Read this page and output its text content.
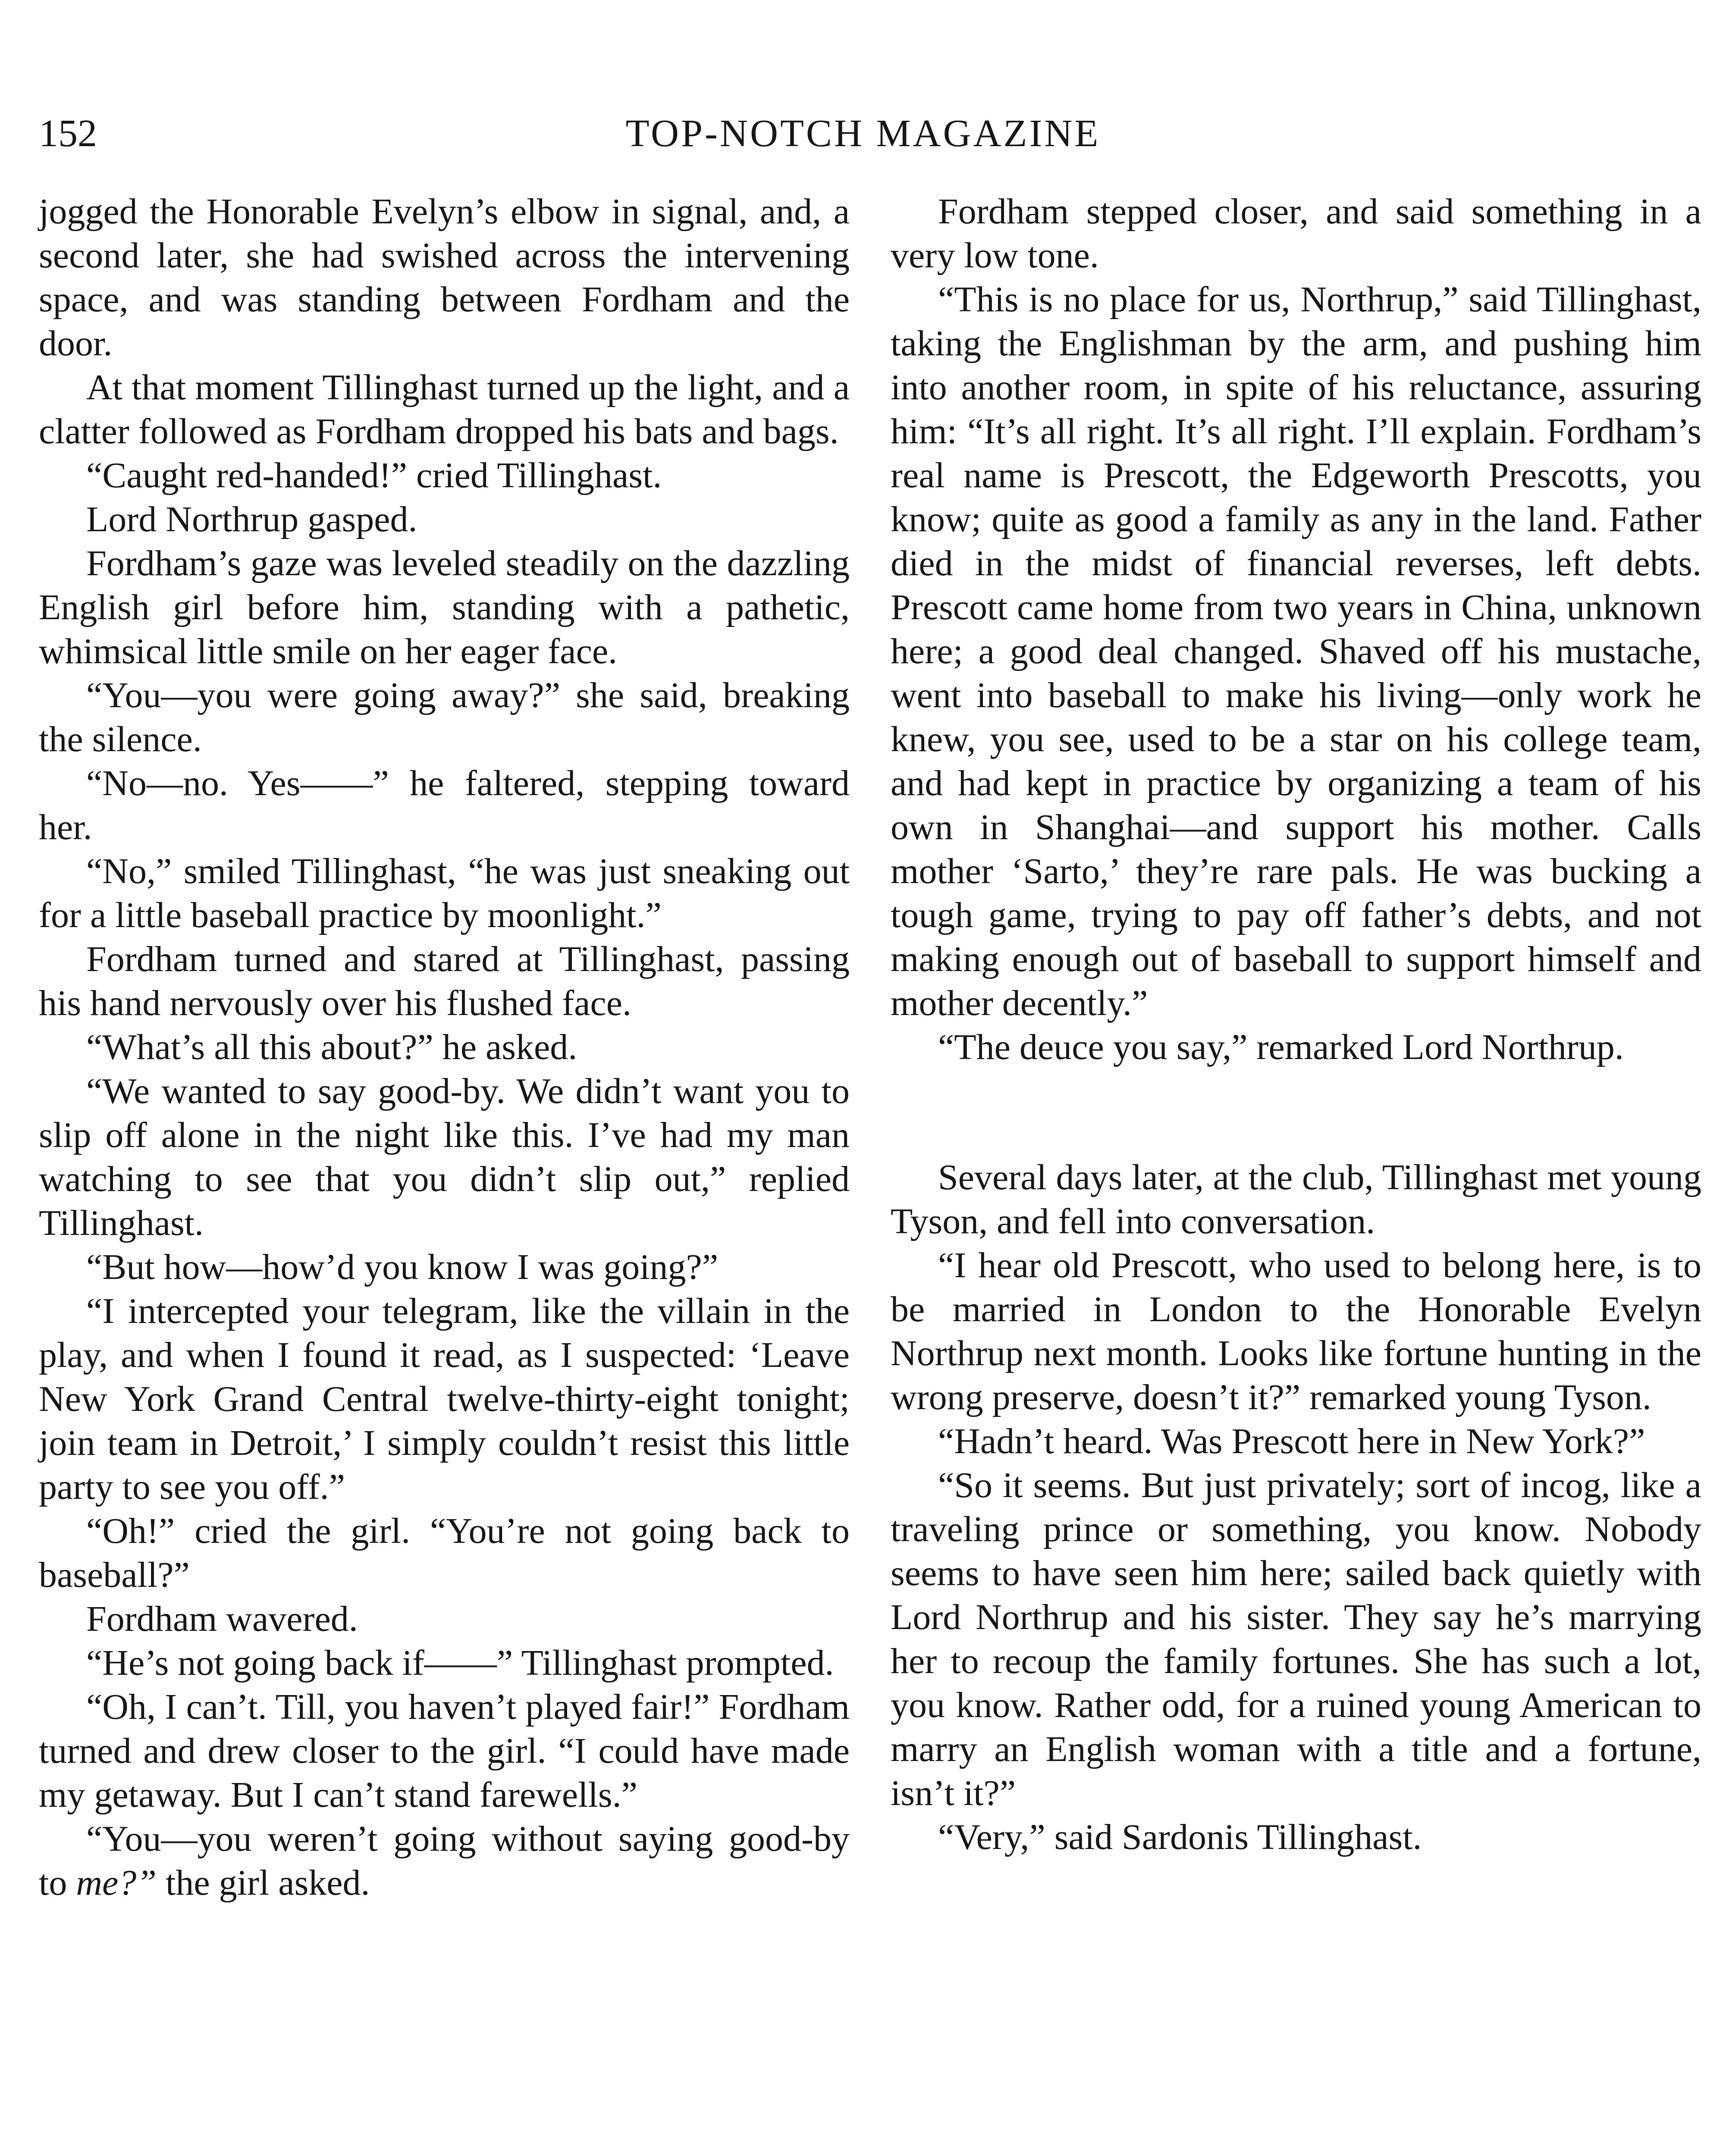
152	TOP-NOTCH MAGAZINE

jogged the Honorable Evelyn’s elbow in signal, and, a second later, she had swished across the intervening space, and was standing between Fordham and the door.

At that moment Tillinghast turned up the light, and a clatter followed as Fordham dropped his bats and bags.

“Caught red-handed!” cried Tillinghast.

Lord Northrup gasped.

Fordham’s gaze was leveled steadily on the dazzling English girl before him, standing with a pathetic, whimsical little smile on her eager face.

“You—you were going away?” she said, breaking the silence.

“No—no. Yes——” he faltered, stepping toward her.

“No,” smiled Tillinghast, “he was just sneaking out for a little baseball practice by moonlight.”

Fordham turned and stared at Tillinghast, passing his hand nervously over his flushed face.

“What’s all this about?” he asked.

“We wanted to say good-by. We didn’t want you to slip off alone in the night like this. I’ve had my man watching to see that you didn’t slip out,” replied Tillinghast.

“But how—how’d you know I was going?”

“I intercepted your telegram, like the villain in the play, and when I found it read, as I suspected: ‘Leave New York Grand Central twelve-thirty-eight tonight; join team in Detroit,’ I simply couldn’t resist this little party to see you off.”

“Oh!” cried the girl. “You’re not going back to baseball?”

Fordham wavered.

“He’s not going back if——” Tillinghast prompted.

“Oh, I can’t. Till, you haven’t played fair!” Fordham turned and drew closer to the girl. “I could have made my getaway. But I can’t stand farewells.”

“You—you weren’t going without saying good-by to me?” the girl asked.

Fordham stepped closer, and said something in a very low tone.

“This is no place for us, Northrup,” said Tillinghast, taking the Englishman by the arm, and pushing him into another room, in spite of his reluctance, assuring him: “It’s all right. It’s all right. I’ll explain. Fordham’s real name is Prescott, the Edgeworth Prescotts, you know; quite as good a family as any in the land. Father died in the midst of financial reverses, left debts. Prescott came home from two years in China, unknown here; a good deal changed. Shaved off his mustache, went into baseball to make his living—only work he knew, you see, used to be a star on his college team, and had kept in practice by organizing a team of his own in Shanghai—and support his mother. Calls mother ‘Sarto,’ they’re rare pals. He was bucking a tough game, trying to pay off father’s debts, and not making enough out of baseball to support himself and mother decently.”

“The deuce you say,” remarked Lord Northrup.

Several days later, at the club, Tillinghast met young Tyson, and fell into conversation.

“I hear old Prescott, who used to belong here, is to be married in London to the Honorable Evelyn Northrup next month. Looks like fortune hunting in the wrong preserve, doesn’t it?” remarked young Tyson.

“Hadn’t heard. Was Prescott here in New York?”

“So it seems. But just privately; sort of incog, like a traveling prince or something, you know. Nobody seems to have seen him here; sailed back quietly with Lord Northrup and his sister. They say he’s marrying her to recoup the family fortunes. She has such a lot, you know. Rather odd, for a ruined young American to marry an English woman with a title and a fortune, isn’t it?”

“Very,” said Sardonis Tillinghast.
